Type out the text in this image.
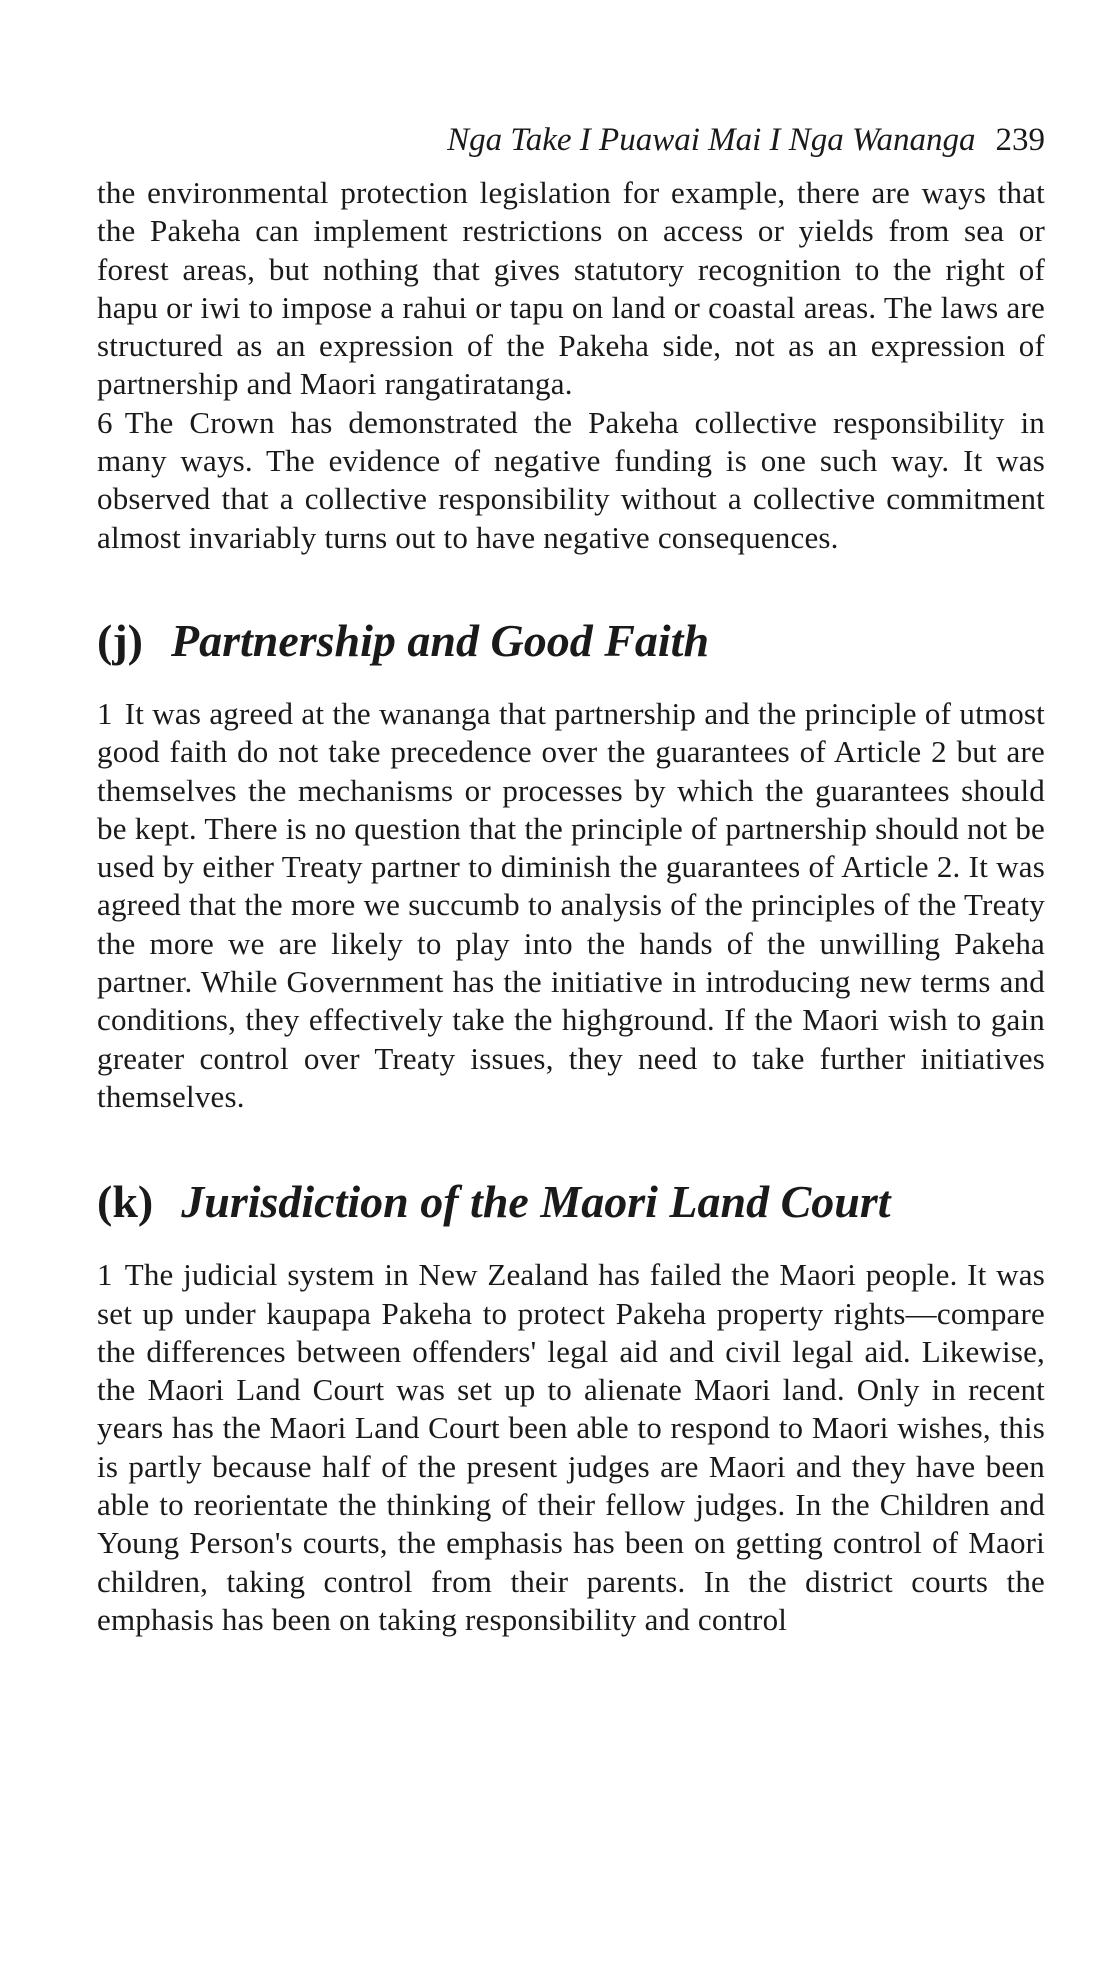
Nga Take I Puawai Mai I Nga Wananga 239

the environmental protection legislation for example, there are ways that the Pakeha can implement restrictions on access or yields from sea or forest areas, but nothing that gives statutory recognition to the right of hapu or iwi to impose a rahui or tapu on land or coastal areas. The laws are structured as an expression of the Pakeha side, not as an expression of partnership and Maori rangatiratanga.

6 The Crown has demonstrated the Pakeha collective responsibility in many ways. The evidence of negative funding is one such way. It was observed that a collective responsibility without a collective commitment almost invariably turns out to have negative consequences.

(j) Partnership and Good Faith

1 It was agreed at the wananga that partnership and the principle of utmost good faith do not take precedence over the guarantees of Article 2 but are themselves the mechanisms or processes by which the guarantees should be kept. There is no question that the principle of partnership should not be used by either Treaty partner to diminish the guarantees of Article 2. It was agreed that the more we succumb to analysis of the principles of the Treaty the more we are likely to play into the hands of the unwilling Pakeha partner. While Government has the initiative in introducing new terms and conditions, they effectively take the highground. If the Maori wish to gain greater control over Treaty issues, they need to take further initiatives themselves.

(k) Jurisdiction of the Maori Land Court

1 The judicial system in New Zealand has failed the Maori people. It was set up under kaupapa Pakeha to protect Pakeha property rights—compare the differences between offenders' legal aid and civil legal aid. Likewise, the Maori Land Court was set up to alienate Maori land. Only in recent years has the Maori Land Court been able to respond to Maori wishes, this is partly because half of the present judges are Maori and they have been able to reorientate the thinking of their fellow judges. In the Children and Young Person's courts, the emphasis has been on getting control of Maori children, taking control from their parents. In the district courts the emphasis has been on taking responsibility and control
